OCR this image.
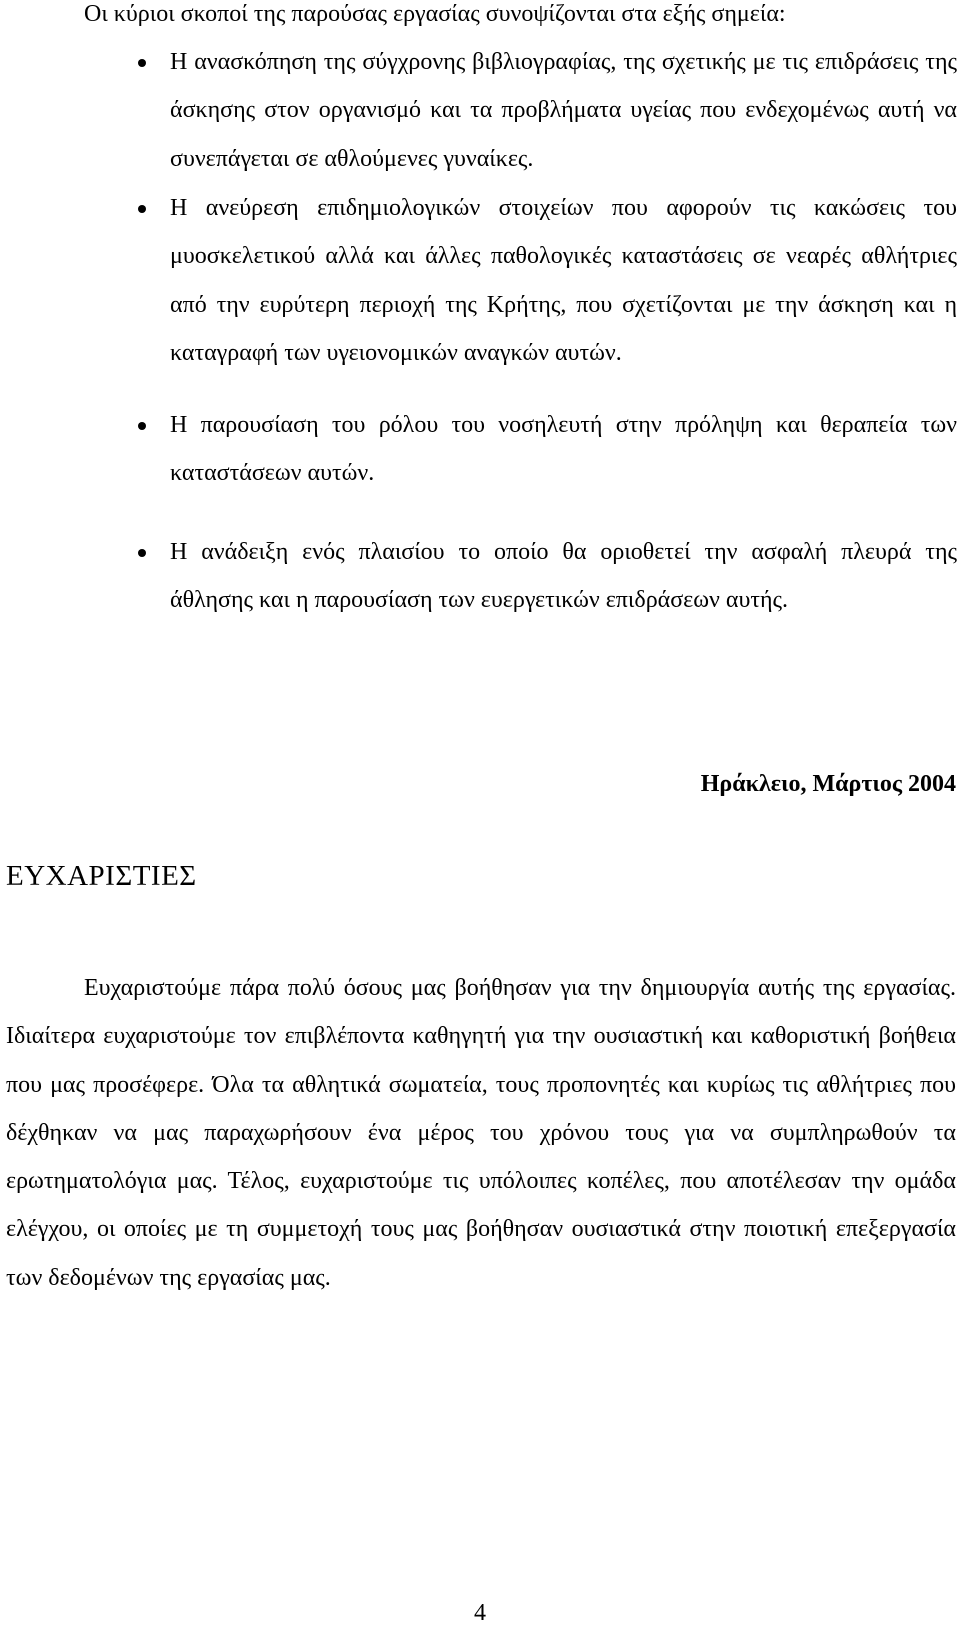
Οι κύριοι σκοποί της παρούσας εργασίας συνοψίζονται στα εξής σημεία:
Η ανασκόπηση της σύγχρονης βιβλιογραφίας, της σχετικής με τις επιδράσεις της άσκησης στον οργανισμό και τα προβλήματα υγείας που ενδεχομένως αυτή να συνεπάγεται σε αθλούμενες γυναίκες.
Η ανεύρεση επιδημιολογικών στοιχείων που αφορούν τις κακώσεις του μυοσκελετικού αλλά και άλλες παθολογικές καταστάσεις σε νεαρές αθλήτριες από την ευρύτερη περιοχή της Κρήτης, που σχετίζονται με την άσκηση και η καταγραφή των υγειονομικών αναγκών αυτών.
Η παρουσίαση του ρόλου του νοσηλευτή στην πρόληψη και θεραπεία των καταστάσεων αυτών.
Η ανάδειξη ενός πλαισίου το οποίο θα οριοθετεί την ασφαλή πλευρά της άθλησης και η παρουσίαση των ευεργετικών επιδράσεων αυτής.
Ηράκλειο, Μάρτιος 2004
ΕΥΧΑΡΙΣΤΙΕΣ

Ευχαριστούμε πάρα πολύ όσους μας βοήθησαν για την δημιουργία αυτής της εργασίας. Ιδιαίτερα ευχαριστούμε τον επιβλέποντα καθηγητή για την ουσιαστική και καθοριστική βοήθεια που μας προσέφερε. Όλα τα αθλητικά σωματεία, τους προπονητές και κυρίως τις αθλήτριες που δέχθηκαν να μας παραχωρήσουν ένα μέρος του χρόνου τους για να συμπληρωθούν τα ερωτηματολόγια μας. Τέλος, ευχαριστούμε τις υπόλοιπες κοπέλες, που αποτέλεσαν την ομάδα ελέγχου, οι οποίες με τη συμμετοχή τους μας βοήθησαν ουσιαστικά στην ποιοτική επεξεργασία των δεδομένων της εργασίας μας.

4
